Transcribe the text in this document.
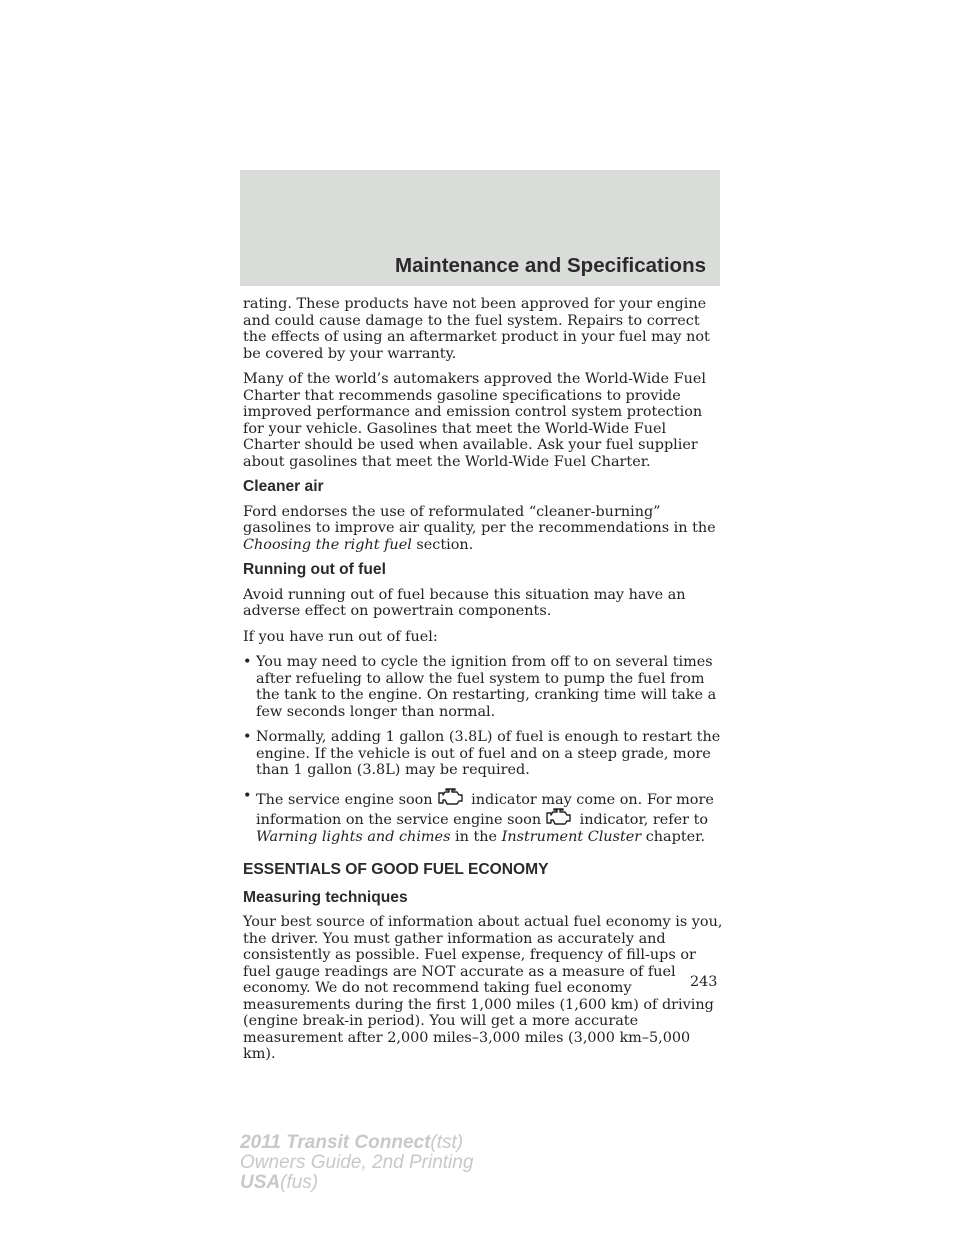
Maintenance and Specifications

rating. These products have not been approved for your engine and could cause damage to the fuel system. Repairs to correct the effects of using an aftermarket product in your fuel may not be covered by your warranty.

Many of the world’s automakers approved the World-Wide Fuel Charter that recommends gasoline specifications to provide improved performance and emission control system protection for your vehicle. Gasolines that meet the World-Wide Fuel Charter should be used when available. Ask your fuel supplier about gasolines that meet the World-Wide Fuel Charter.

Cleaner air

Ford endorses the use of reformulated “cleaner-burning” gasolines to improve air quality, per the recommendations in the Choosing the right fuel section.

Running out of fuel

Avoid running out of fuel because this situation may have an adverse effect on powertrain components.

If you have run out of fuel:

• You may need to cycle the ignition from off to on several times after refueling to allow the fuel system to pump the fuel from the tank to the engine. On restarting, cranking time will take a few seconds longer than normal.
• Normally, adding 1 gallon (3.8L) of fuel is enough to restart the engine. If the vehicle is out of fuel and on a steep grade, more than 1 gallon (3.8L) may be required.
• The service engine soon indicator may come on. For more information on the service engine soon indicator, refer to Warning lights and chimes in the Instrument Cluster chapter.
ESSENTIALS OF GOOD FUEL ECONOMY
Measuring techniques

Your best source of information about actual fuel economy is you, the driver. You must gather information as accurately and consistently as possible. Fuel expense, frequency of fill-ups or fuel gauge readings are NOT accurate as a measure of fuel economy. We do not recommend taking fuel economy measurements during the first 1,000 miles (1,600 km) of driving (engine break-in period). You will get a more accurate measurement after 2,000 miles–3,000 miles (3,000 km–5,000 km).

243
2011 Transit Connect(tst)
Owners Guide, 2nd Printing
USA(fus)
